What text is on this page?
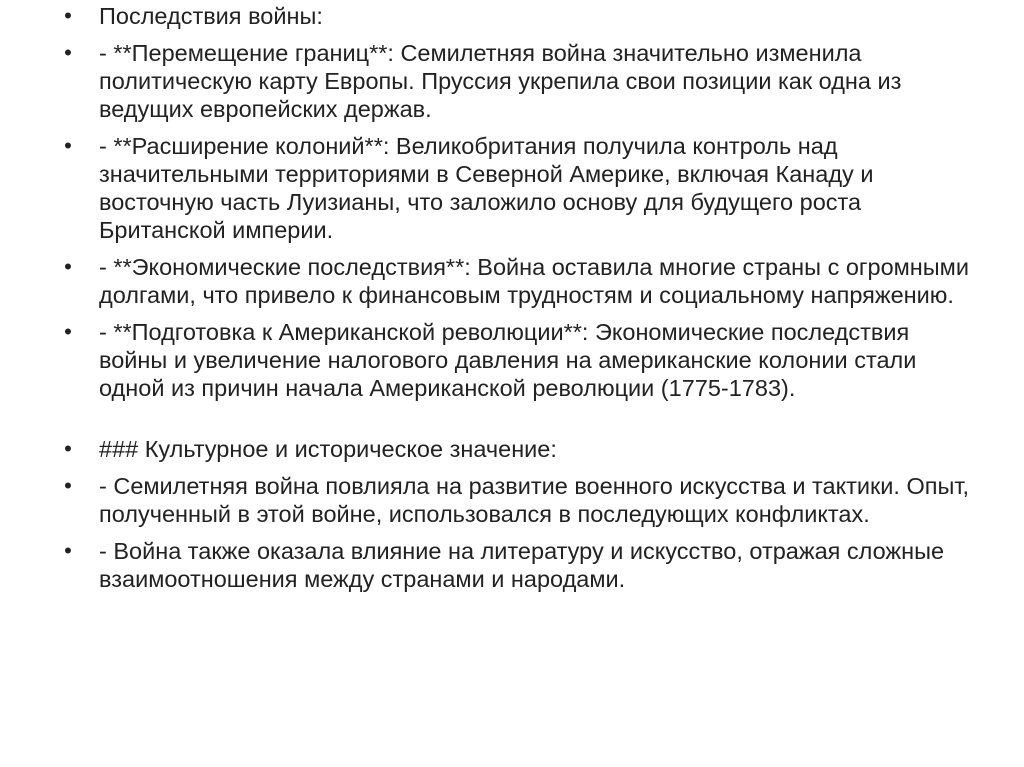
• Последствия войны:
• - **Перемещение границ**: Семилетняя война значительно изменила политическую карту Европы. Пруссия укрепила свои позиции как одна из ведущих европейских держав.
• - **Расширение колоний**: Великобритания получила контроль над значительными территориями в Северной Америке, включая Канаду и восточную часть Луизианы, что заложило основу для будущего роста Британской империи.
• - **Экономические последствия**: Война оставила многие страны с огромными долгами, что привело к финансовым трудностям и социальному напряжению.
• - **Подготовка к Американской революции**: Экономические последствия войны и увеличение налогового давления на американские колонии стали одной из причин начала Американской революции (1775-1783).
• ### Культурное и историческое значение:
• - Семилетняя война повлияла на развитие военного искусства и тактики. Опыт, полученный в этой войне, использовался в последующих конфликтах.
• - Война также оказала влияние на литературу и искусство, отражая сложные взаимоотношения между странами и народами.
